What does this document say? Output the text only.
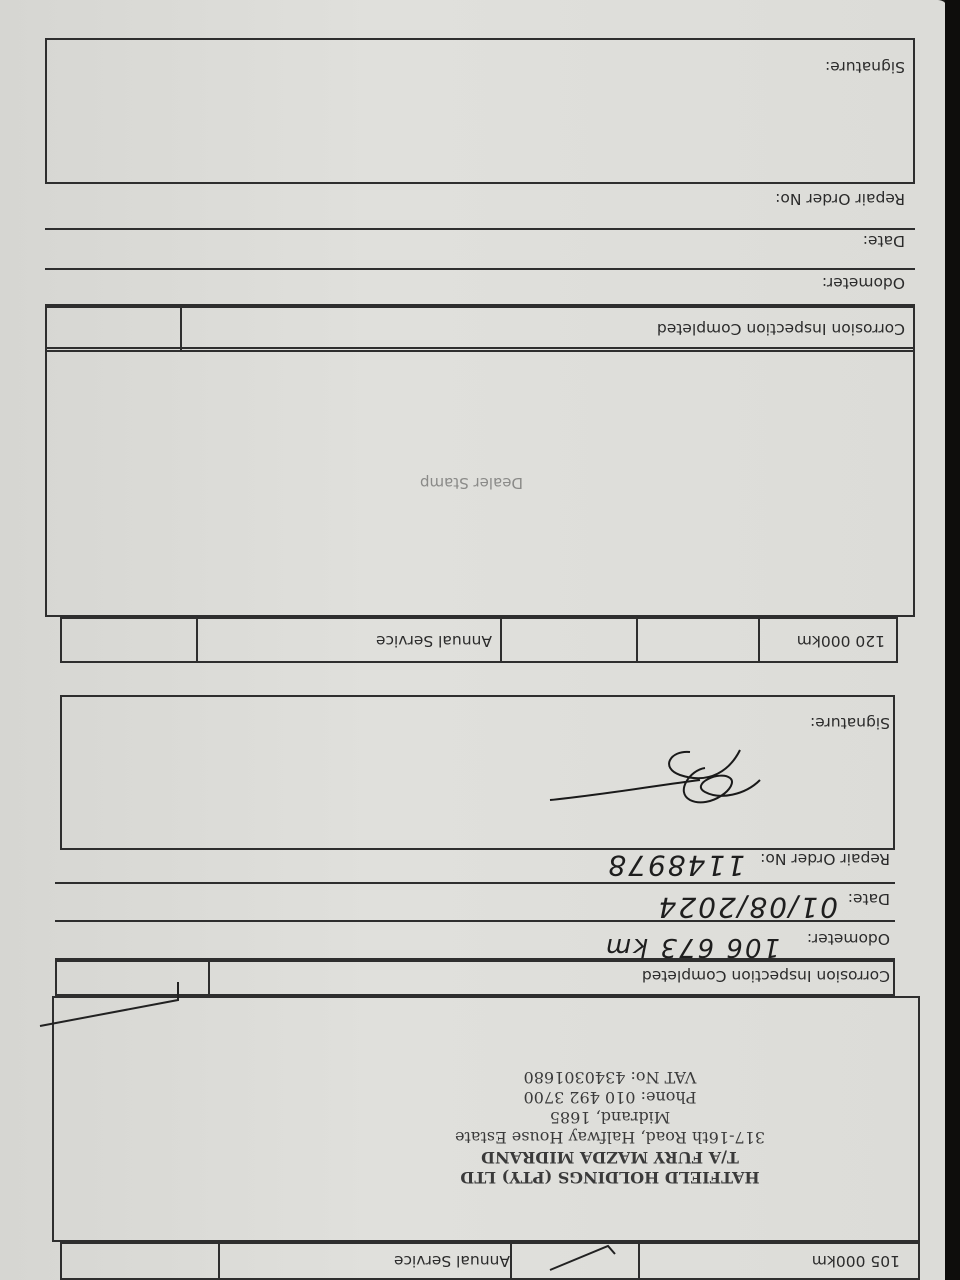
120 000km
Annual Service
Dealer Stamp
Corrosion Inspection Completed
Odometer:
Date:
Repair Order No:
Signature:
105 000km
Annual Service
HATFIELD HOLDINGS (PTY) LTD
T/A FURY MAZDA MIDRAND
317-16th Road, Halfway House Estate
Midrand, 1685
Phone: 010 492 3700
VAT No: 4340301680
Corrosion Inspection Completed
Odometer:
106 673 km
Date:
01/08/2024
Repair Order No:
1148978
Signature:
